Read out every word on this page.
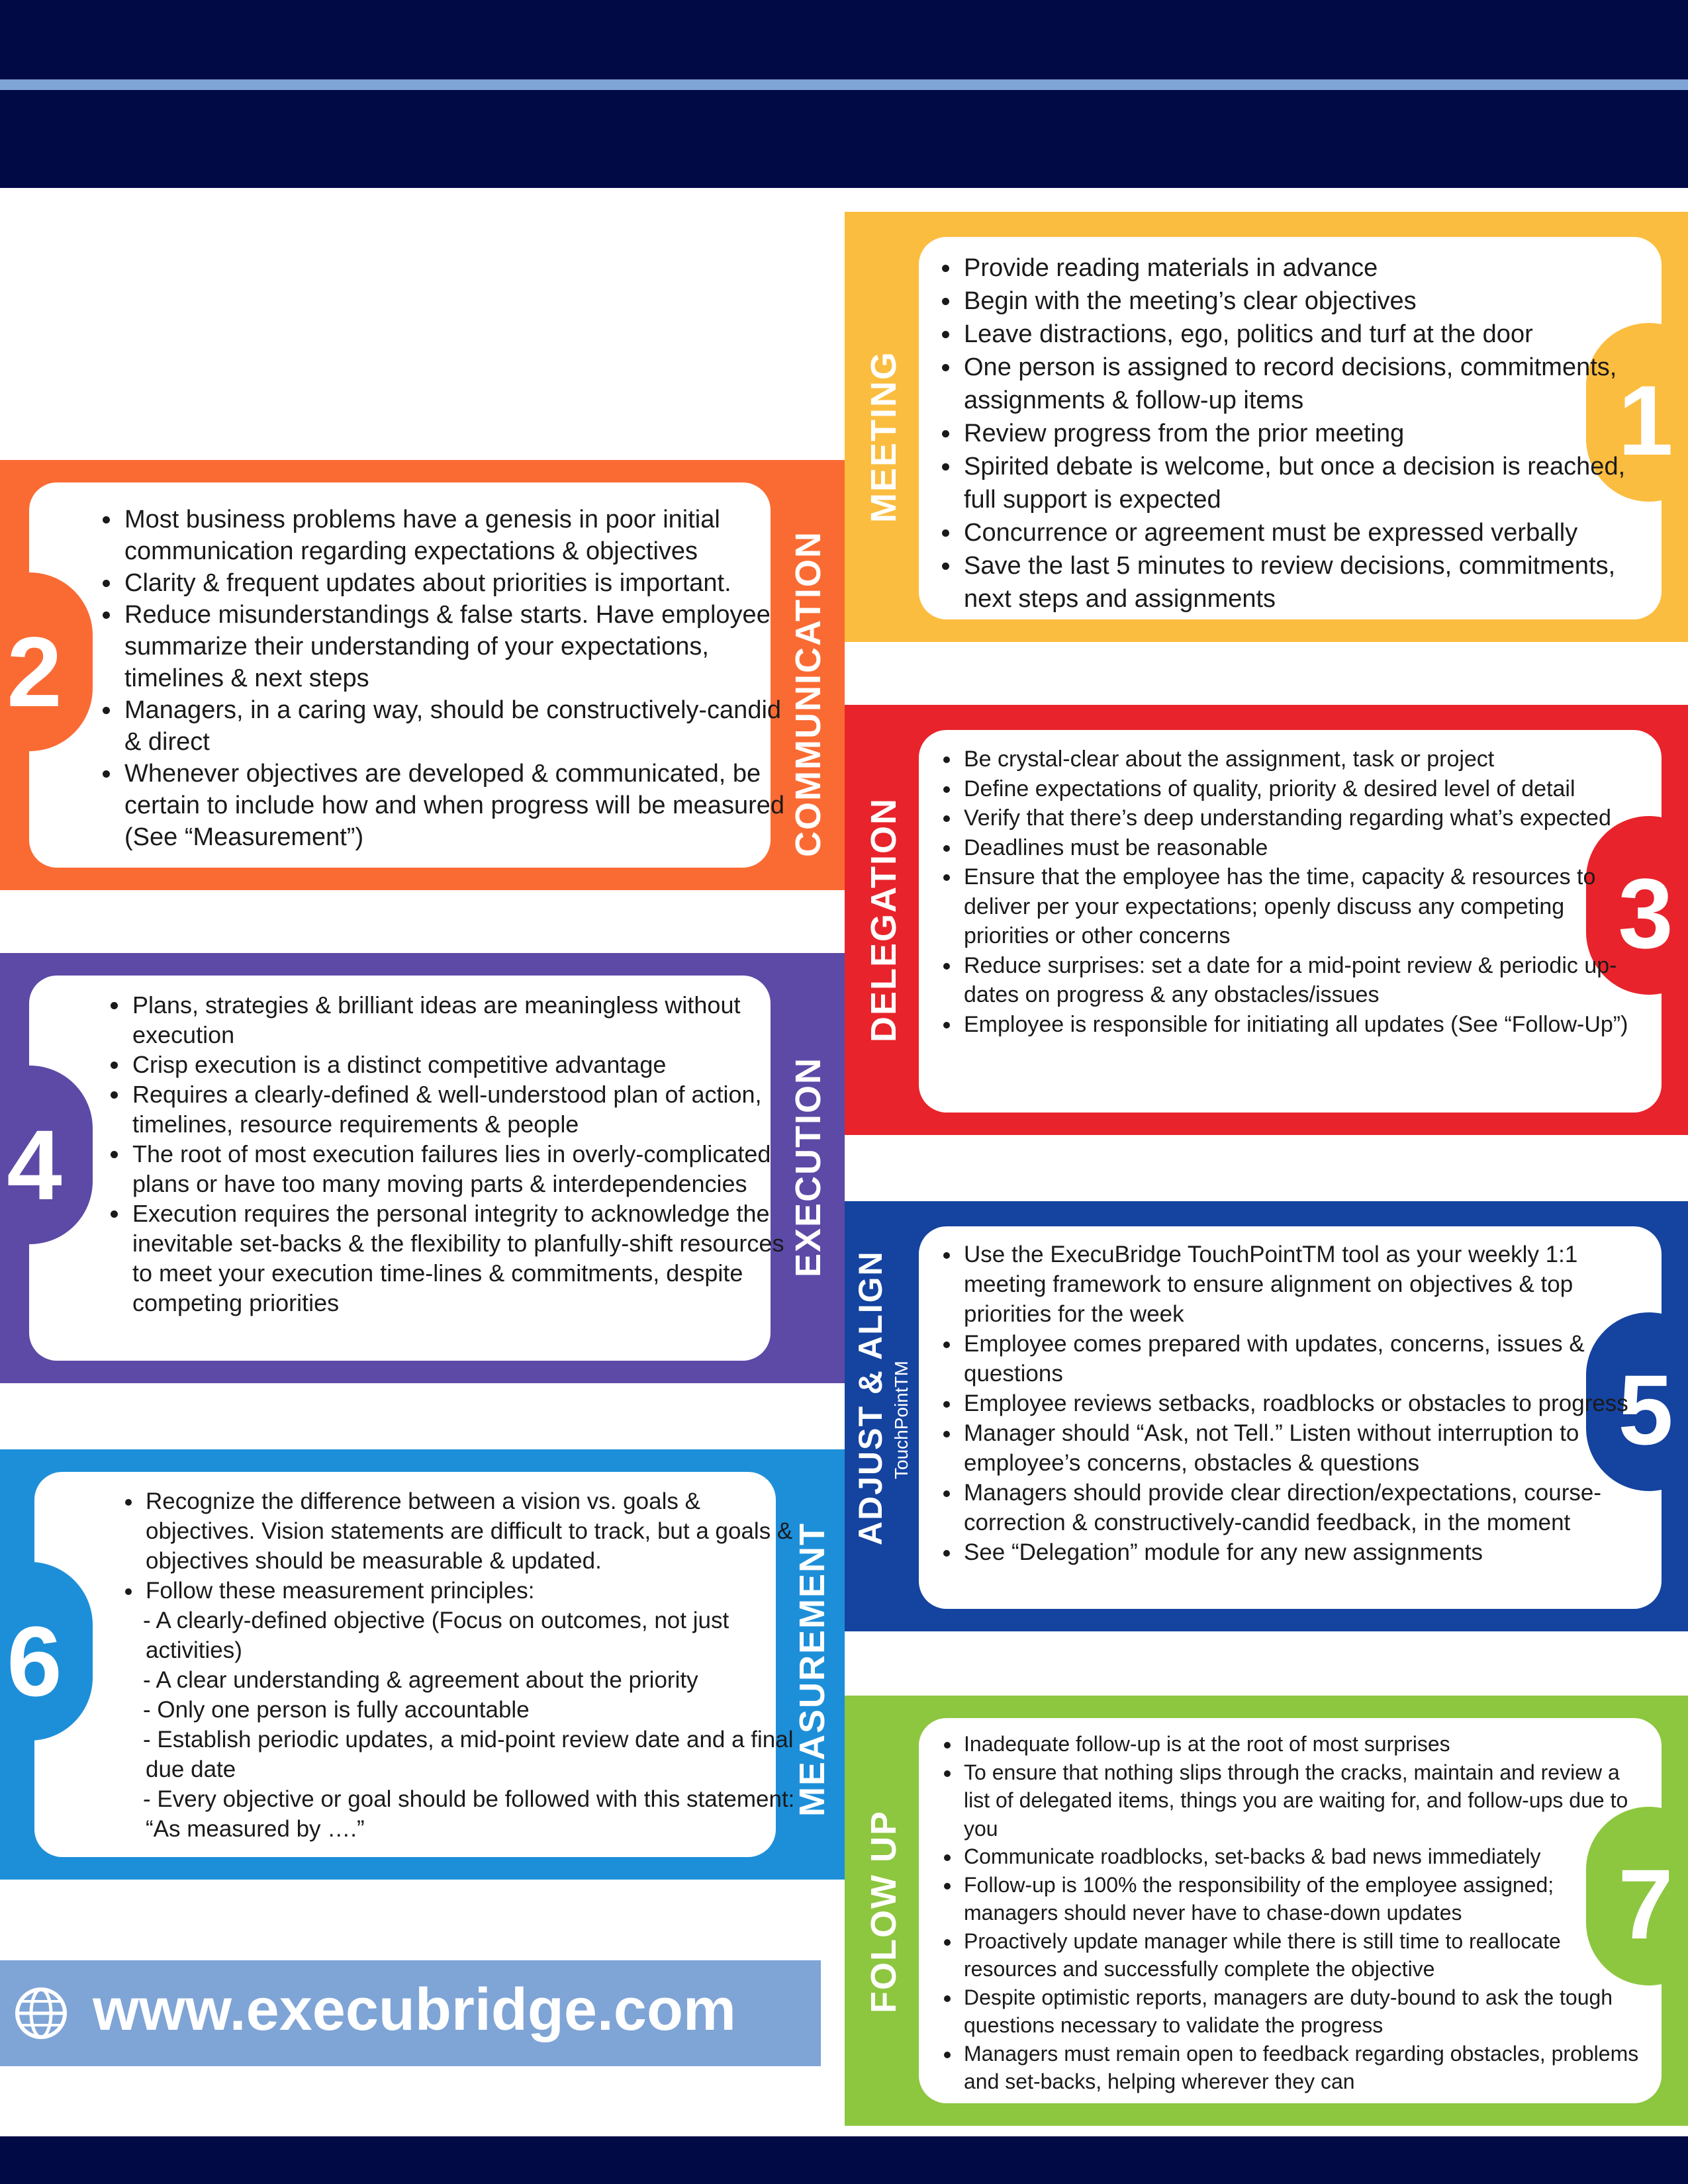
1
MEETING
• Provide reading materials in advance
• Begin with the meeting’s clear objectives
• Leave distractions, ego, politics and turf at the door
• One person is assigned to record decisions, commitments, assignments & follow-up items
• Review progress from the prior meeting
• Spirited debate is welcome, but once a decision is reached, full support is expected
• Concurrence or agreement must be expressed verbally
• Save the last 5 minutes to review decisions, commitments, next steps and assignments
2	COMMUNICATION
• Most business problems have a genesis in poor initial communication regarding expectations & objectives
• Clarity & frequent updates about priorities is important.
• Reduce misunderstandings & false starts. Have employee summarize their understanding of your expectations, timelines & next steps
• Managers, in a caring way, should be constructively-candid & direct
• Whenever objectives are developed & communicated, be certain to include how and when progress will be measured (See “Measurement”)
3
DELEGATION
• Be crystal-clear about the assignment, task or project
• Define expectations of quality, priority & desired level of detail
• Verify that there’s deep understanding regarding what’s expected
• Deadlines must be reasonable
• Ensure that the employee has the time, capacity & resources to deliver per your expectations; openly discuss any competing priorities or other concerns
• Reduce surprises: set a date for a mid-point review & periodic up-dates on progress & any obstacles/issues
• Employee is responsible for initiating all updates (See “Follow-Up”)
4	EXECUTION
• Plans, strategies & brilliant ideas are meaningless without execution
• Crisp execution is a distinct competitive advantage
• Requires a clearly-defined & well-understood plan of action, timelines, resource requirements & people
• The root of most execution failures lies in overly-complicated plans or have too many moving parts & interdependencies
• Execution requires the personal integrity to acknowledge the inevitable set-backs & the flexibility to planfully-shift resources to meet your execution time-lines & commitments, despite competing priorities
5
ADJUST & ALIGN TouchPointTM
• Use the ExecuBridge TouchPointTM tool as your weekly 1:1 meeting framework to ensure alignment on objectives & top priorities for the week
• Employee comes prepared with updates, concerns, issues & questions
• Employee reviews setbacks, roadblocks or obstacles to progress
• Manager should “Ask, not Tell.” Listen without interruption to employee’s concerns, obstacles & questions
• Managers should provide clear direction/expectations, course-correction & constructively-candid feedback, in the moment
• See “Delegation” module for any new assignments
6	MEASUREMENT
• Recognize the difference between a vision vs. goals & objectives. Vision statements are difficult to track, but a goals & objectives should be measurable & updated.
• Follow these measurement principles:
- A clearly-defined objective (Focus on outcomes, not just activities)
- A clear understanding & agreement about the priority
- Only one person is fully accountable
- Establish periodic updates, a mid-point review date and a final due date
- Every objective or goal should be followed with this statement: “As measured by ….”
7
FOLOW UP
• Inadequate follow-up is at the root of most surprises
• To ensure that nothing slips through the cracks, maintain and review a list of delegated items, things you are waiting for, and follow-ups due to you
• Communicate roadblocks, set-backs & bad news immediately
• Follow-up is 100% the responsibility of the employee assigned; managers should never have to chase-down updates
• Proactively update manager while there is still time to reallocate resources and successfully complete the objective
• Despite optimistic reports, managers are duty-bound to ask the tough questions necessary to validate the progress
• Managers must remain open to feedback regarding obstacles, problems and set-backs, helping wherever they can
www.execubridge.com
